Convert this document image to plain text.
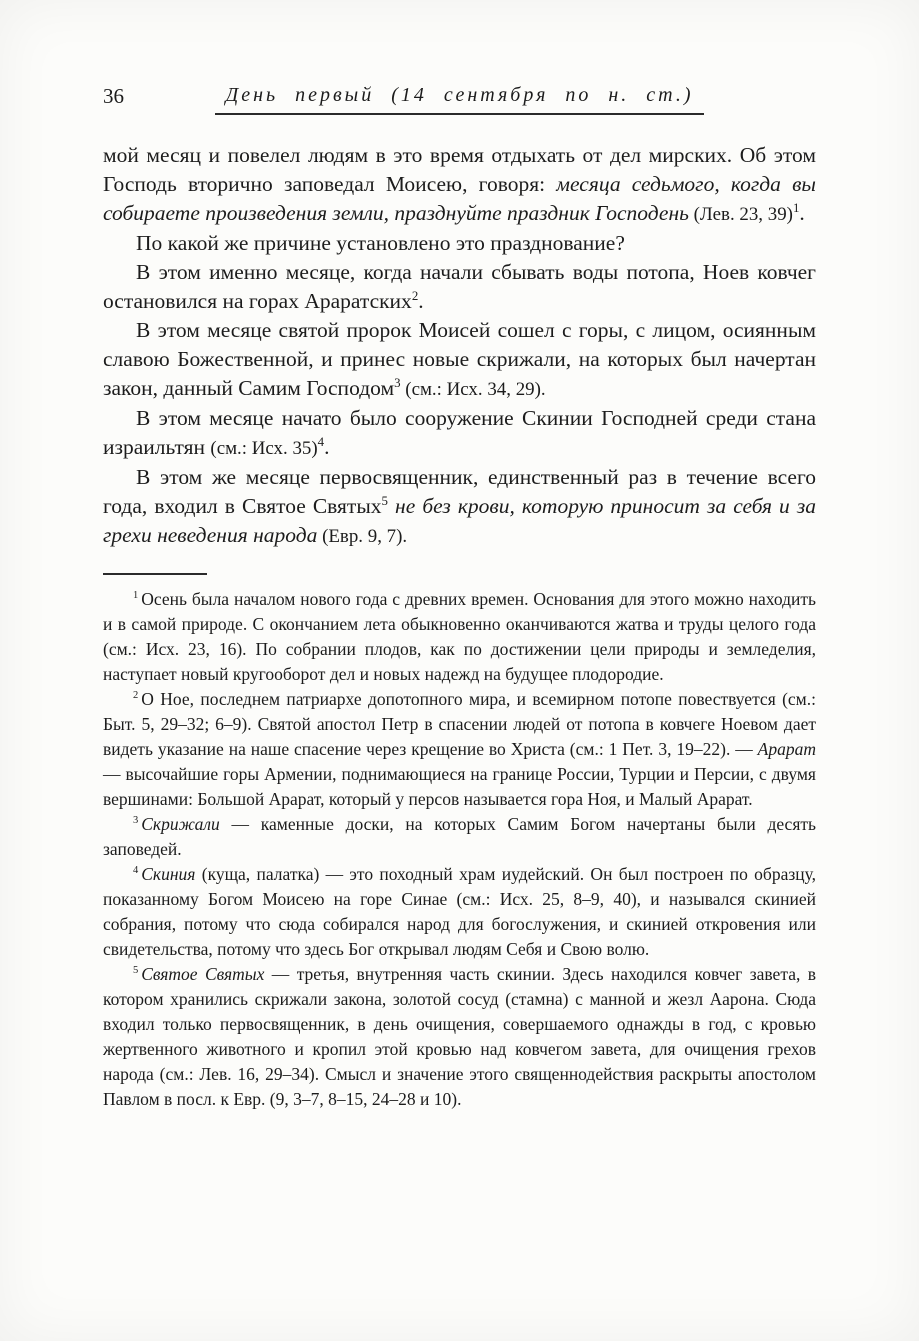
36	День первый (14 сентября по н. ст.)

мой месяц и повелел людям в это время отдыхать от дел мирских. Об этом Господь вторично заповедал Моисею, говоря: месяца седьмого, когда вы собираете произведения земли, празднуйте праздник Господень (Лев. 23, 39)$^1$.

По какой же причине установлено это празднование?

В этом именно месяце, когда начали сбывать воды потопа, Ноев ковчег остановился на горах Араратских$^2$.

В этом месяце святой пророк Моисей сошел с горы, с лицом, осиянным славою Божественной, и принес новые скрижали, на которых был начертан закон, данный Самим Господом$^3$ (см.: Исх. 34, 29).

В этом месяце начато было сооружение Скинии Господней среди стана израильтян (см.: Исх. 35)$^4$.

В этом же месяце первосвященник, единственный раз в течение всего года, входил в Святое Святых$^5$ не без крови, которую приносит за себя и за грехи неведения народа (Евр. 9, 7).

$^1$ Осень была началом нового года с древних времен. Основания для этого можно находить и в самой природе. С окончанием лета обыкновенно оканчиваются жатва и труды целого года (см.: Исх. 23, 16). По собрании плодов, как по достижении цели природы и земледелия, наступает новый кругооборот дел и новых надежд на будущее плодородие.

$^2$ О Ное, последнем патриархе допотопного мира, и всемирном потопе повествуется (см.: Быт. 5, 29–32; 6–9). Святой апостол Петр в спасении людей от потопа в ковчеге Ноевом дает видеть указание на наше спасение через крещение во Христа (см.: 1 Пет. 3, 19–22). — Арарат — высочайшие горы Армении, поднимающиеся на границе России, Турции и Персии, с двумя вершинами: Большой Арарат, который у персов называется гора Ноя, и Малый Арарат.

$^3$ Скрижали — каменные доски, на которых Самим Богом начертаны были десять заповедей.

$^4$ Скиния (куща, палатка) — это походный храм иудейский. Он был построен по образцу, показанному Богом Моисею на горе Синае (см.: Исх. 25, 8–9, 40), и назывался скинией собрания, потому что сюда собирался народ для богослужения, и скинией откровения или свидетельства, потому что здесь Бог открывал людям Себя и Свою волю.

$^5$ Святое Святых — третья, внутренняя часть скинии. Здесь находился ковчег завета, в котором хранились скрижали закона, золотой сосуд (стамна) с манной и жезл Аарона. Сюда входил только первосвященник, в день очищения, совершаемого однажды в год, с кровью жертвенного животного и кропил этой кровью над ковчегом завета, для очищения грехов народа (см.: Лев. 16, 29–34). Смысл и значение этого священнодействия раскрыты апостолом Павлом в посл. к Евр. (9, 3–7, 8–15, 24–28 и 10).
